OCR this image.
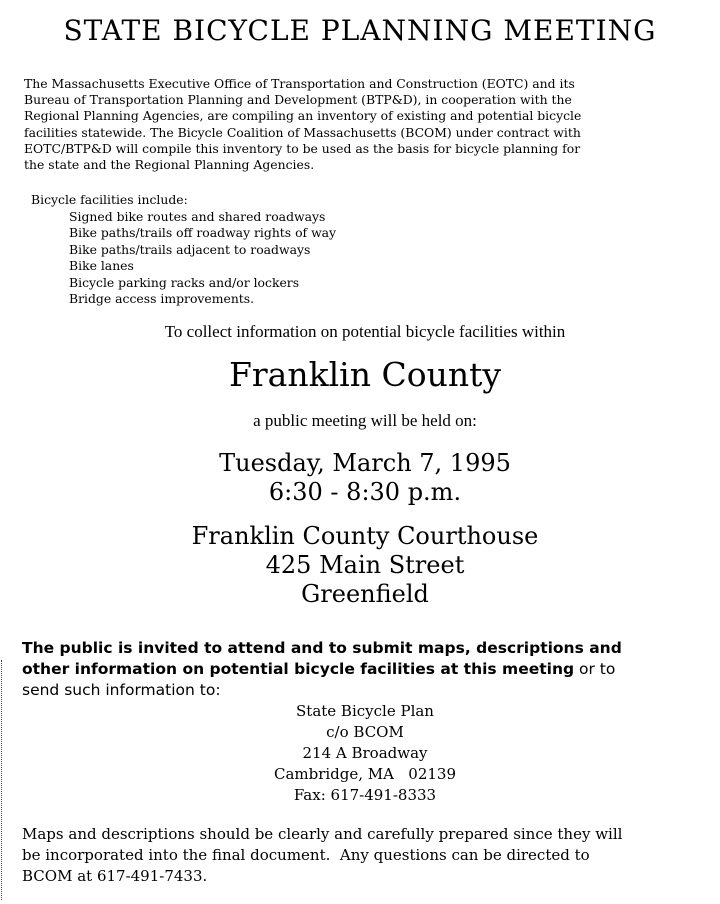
STATE BICYCLE PLANNING MEETING
The Massachusetts Executive Office of Transportation and Construction (EOTC) and its
Bureau of Transportation Planning and Development (BTP&D), in cooperation with the
Regional Planning Agencies, are compiling an inventory of existing and potential bicycle
facilities statewide. The Bicycle Coalition of Massachusetts (BCOM) under contract with
EOTC/BTP&D will compile this inventory to be used as the basis for bicycle planning for
the state and the Regional Planning Agencies.
Bicycle facilities include:
Signed bike routes and shared roadways
Bike paths/trails off roadway rights of way
Bike paths/trails adjacent to roadways
Bike lanes
Bicycle parking racks and/or lockers
Bridge access improvements.
To collect information on potential bicycle facilities within
Franklin County
a public meeting will be held on:
Tuesday, March 7, 1995
6:30 - 8:30 p.m.
Franklin County Courthouse
425 Main Street
Greenfield
The public is invited to attend and to submit maps, descriptions and
other information on potential bicycle facilities at this meeting or to
send such information to:
State Bicycle Plan
c/o BCOM
214 A Broadway
Cambridge, MA   02139
Fax: 617-491-8333
Maps and descriptions should be clearly and carefully prepared since they will
be incorporated into the final document.  Any questions can be directed to
BCOM at 617-491-7433.
